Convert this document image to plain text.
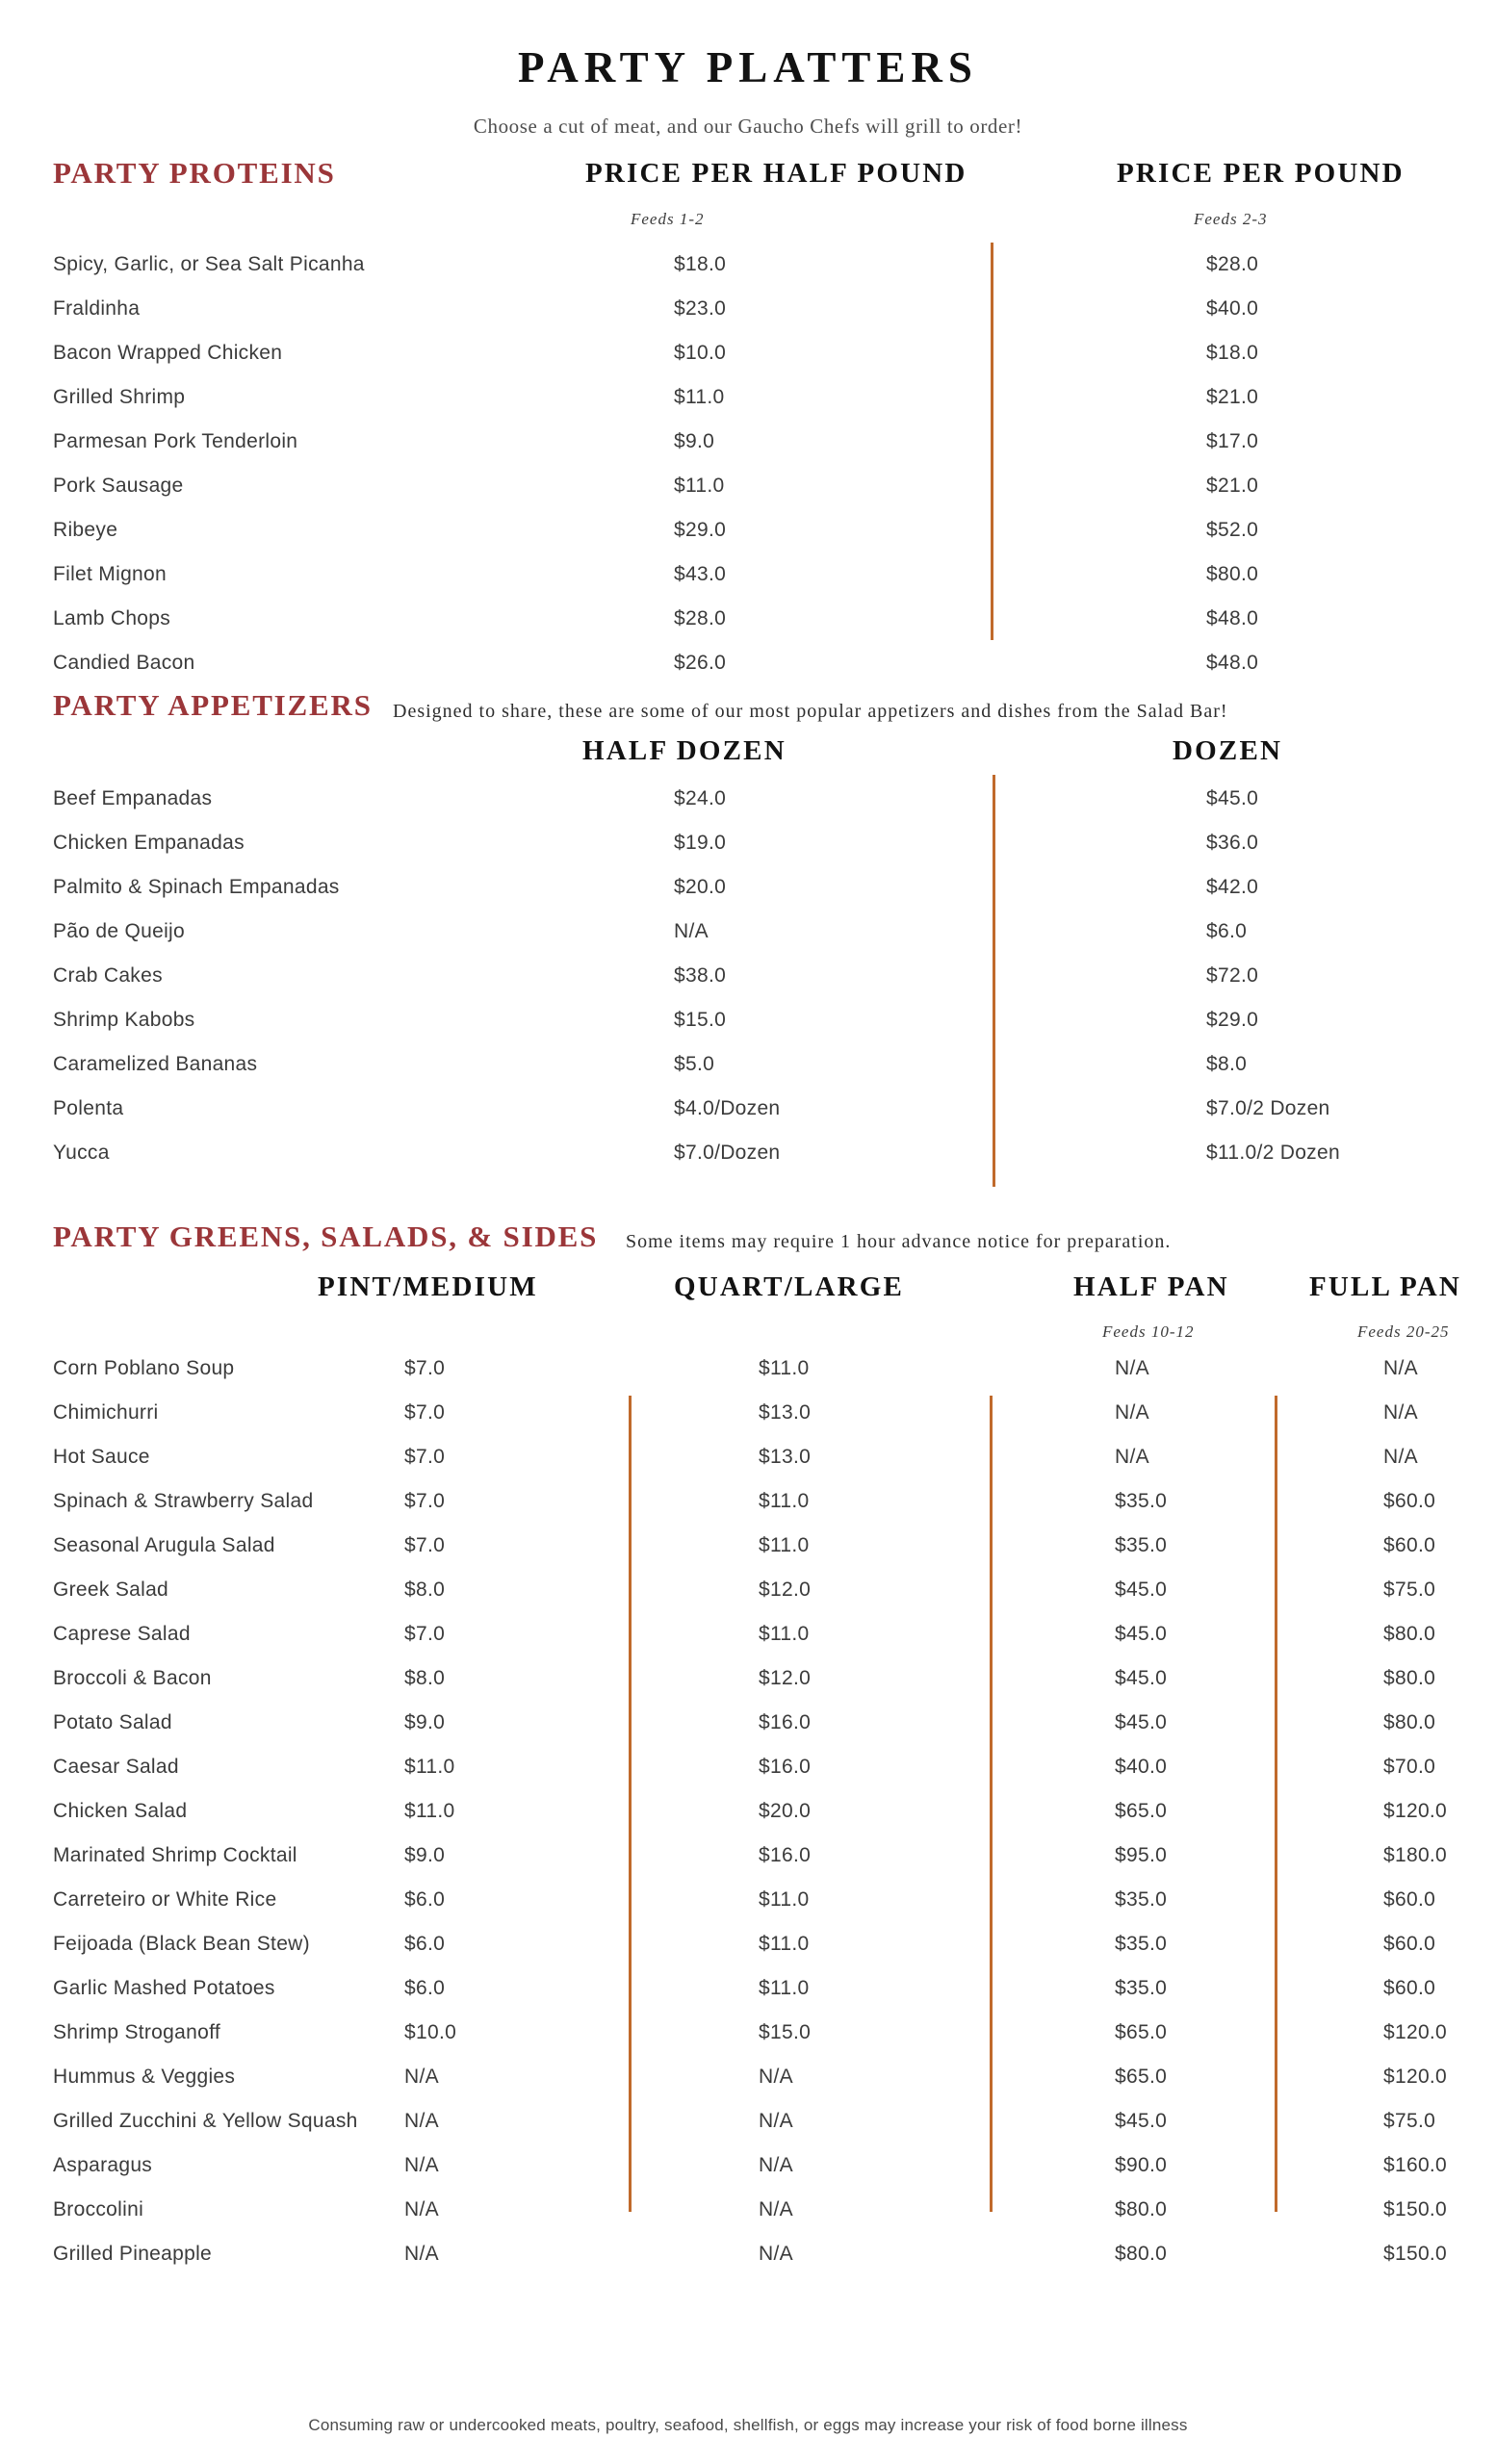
PARTY PLATTERS

Choose a cut of meat, and our Gaucho Chefs will grill to order!

PARTY PROTEINS	PRICE PER HALF POUND
Feeds 1-2
PRICE PER POUND
Feeds 2-3
Spicy, Garlic, or Sea Salt Picanha	$18.0	$28.0
Fraldinha	$23.0	$40.0
Bacon Wrapped Chicken	$10.0	$18.0
Grilled Shrimp	$11.0	$21.0
Parmesan Pork Tenderloin	$9.0	$17.0
Pork Sausage	$11.0	$21.0
Ribeye	$29.0	$52.0
Filet Mignon	$43.0	$80.0
Lamb Chops	$28.0	$48.0
Candied Bacon	$26.0	$48.0
PARTY APPETIZERS Designed to share, these are some of our most popular appetizers and dishes from the Salad Bar!
HALF DOZEN	DOZEN
Beef Empanadas	$24.0	$45.0
Chicken Empanadas	$19.0	$36.0
Palmito & Spinach Empanadas	$20.0	$42.0
Pão de Queijo	N/A	$6.0
Crab Cakes	$38.0	$72.0
Shrimp Kabobs	$15.0	$29.0
Caramelized Bananas	$5.0	$8.0
Polenta	$4.0/Dozen	$7.0/2 Dozen
Yucca	$7.0/Dozen	$11.0/2 Dozen
PARTY GREENS, SALADS, & SIDES Some items may require 1 hour advance notice for preparation.
PINT/MEDIUM	QUART/LARGE	HALF PAN
Feeds 10-12
FULL PAN
Feeds 20-25
Corn Poblano Soup	$7.0	$11.0	N/A	N/A
Chimichurri	$7.0	$13.0	N/A	N/A
Hot Sauce	$7.0	$13.0	N/A	N/A
Spinach & Strawberry Salad	$7.0	$11.0	$35.0	$60.0
Seasonal Arugula Salad	$7.0	$11.0	$35.0	$60.0
Greek Salad	$8.0	$12.0	$45.0	$75.0
Caprese Salad	$7.0	$11.0	$45.0	$80.0
Broccoli & Bacon	$8.0	$12.0	$45.0	$80.0
Potato Salad	$9.0	$16.0	$45.0	$80.0
Caesar Salad	$11.0	$16.0	$40.0	$70.0
Chicken Salad	$11.0	$20.0	$65.0	$120.0
Marinated Shrimp Cocktail	$9.0	$16.0	$95.0	$180.0
Carreteiro or White Rice	$6.0	$11.0	$35.0	$60.0
Feijoada (Black Bean Stew)	$6.0	$11.0	$35.0	$60.0
Garlic Mashed Potatoes	$6.0	$11.0	$35.0	$60.0
Shrimp Stroganoff	$10.0	$15.0	$65.0	$120.0
Hummus & Veggies	N/A	N/A	$65.0	$120.0
Grilled Zucchini & Yellow Squash N/A	N/A	$45.0	$75.0
Asparagus	N/A	N/A	$90.0	$160.0
Broccolini	N/A	N/A	$80.0	$150.0
Grilled Pineapple	N/A	N/A	$80.0	$150.0

Consuming raw or undercooked meats, poultry, seafood, shellfish, or eggs may increase your risk of food borne illness
